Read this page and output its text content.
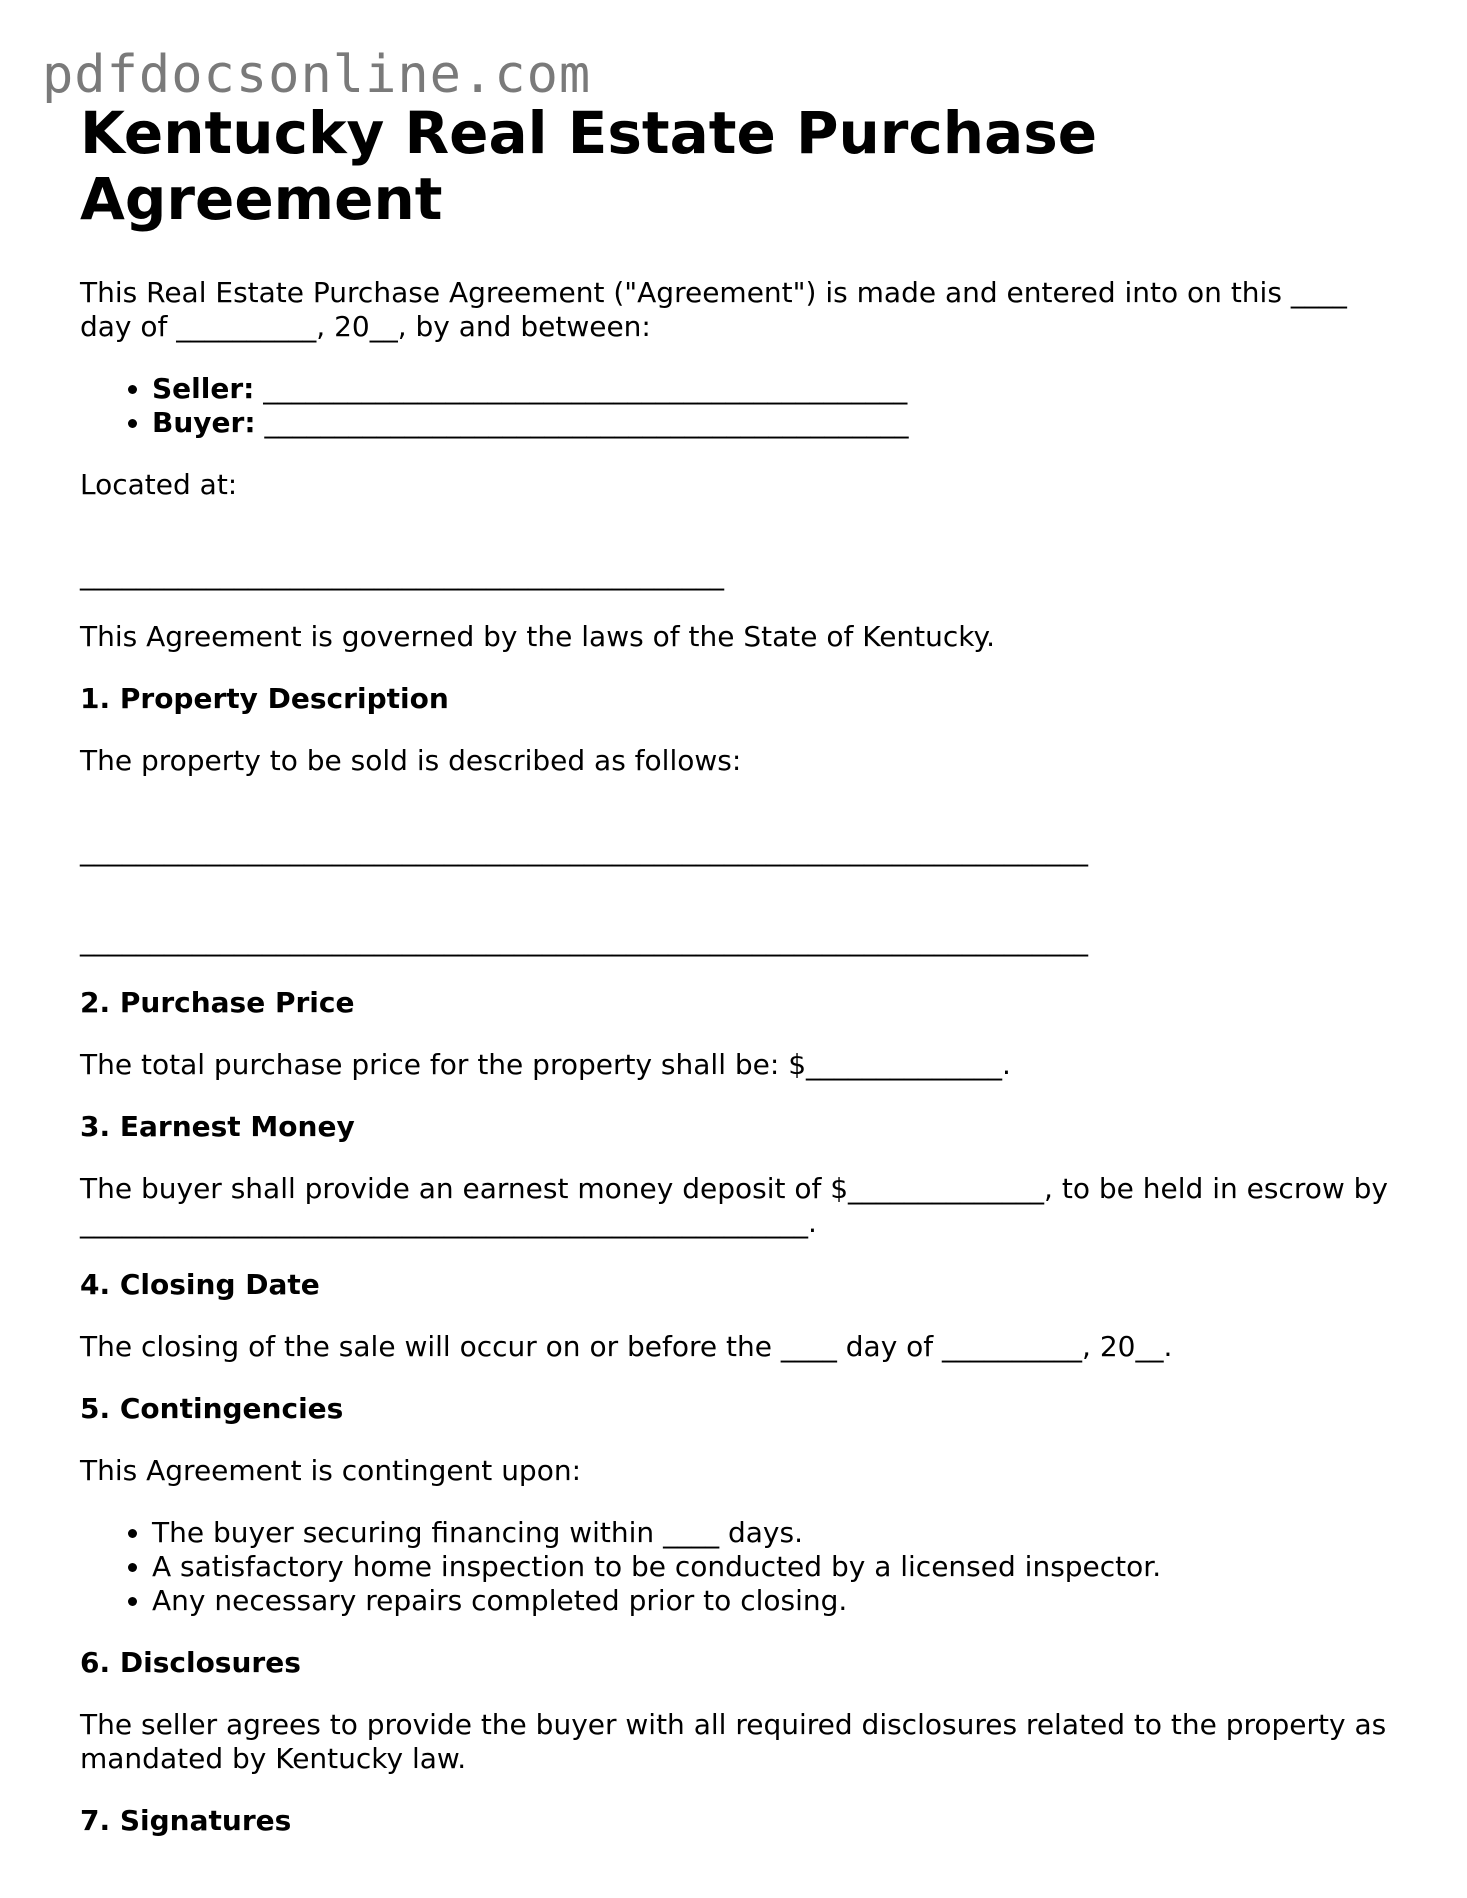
pdfdocsonline.com
Kentucky Real Estate Purchase Agreement

This Real Estate Purchase Agreement ("Agreement") is made and entered into on this ____ day of __________, 20__, by and between:

• Seller: ______________________________________________
• Buyer: ______________________________________________

Located at:

______________________________________________

This Agreement is governed by the laws of the State of Kentucky.

1. Property Description

The property to be sold is described as follows:

________________________________________________________________________
________________________________________________________________________
2. Purchase Price

The total purchase price for the property shall be: $______________.

3. Earnest Money

The buyer shall provide an earnest money deposit of $______________, to be held in escrow by ____________________________________________________.

4. Closing Date

The closing of the sale will occur on or before the ____ day of __________, 20__.

5. Contingencies

This Agreement is contingent upon:

• The buyer securing financing within ____ days.
• A satisfactory home inspection to be conducted by a licensed inspector.
• Any necessary repairs completed prior to closing.
6. Disclosures

The seller agrees to provide the buyer with all required disclosures related to the property as mandated by Kentucky law.

7. Signatures
